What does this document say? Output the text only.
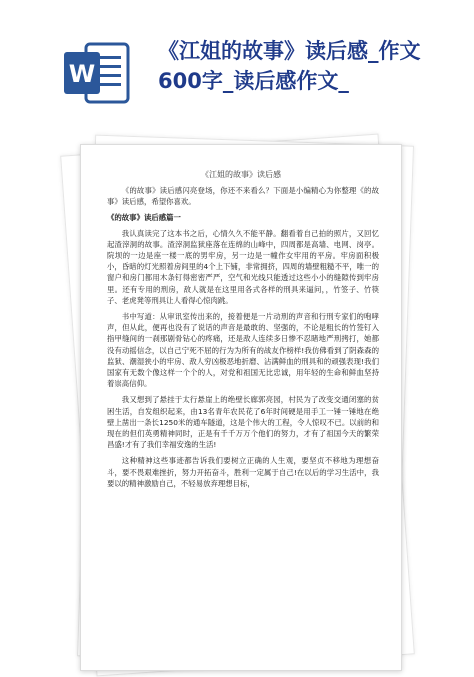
W
《江姐的故事》读后感_作文
600字_读后感作文_
《江姐的故事》读后感

《的故事》读后感闪亮登场，你还不来看么？下面是小编精心为你整理《的故事》读后感，希望你喜欢。

《的故事》读后感篇一

我认真读完了这本书之后，心情久久不能平静。翻看着自己拍的照片，又回忆起渣滓洞的故事。渣滓洞监狱座落在连绵的山峰中，四周都是高墙、电网、岗亭。院坝的一边是座一楼一底的男牢房，另一边是一幢作女牢用的平房。牢房面积极小，昏暗的灯光照着房间里的4个上下铺，非常拥挤，四周的墙壁粗糙不平，唯一的窗户和房门都用木条钉得密密严严，空气和光线只能透过这些小小的缝隙传到牢房里。还有专用的刑房，敌人就是在这里用各式各样的刑具来逼问，，竹签子、竹筷子、老虎凳等刑具让人看得心惊肉跳。

书中写道：从审讯室传出来的，接着便是一片动刑的声音和行刑专家们的咆哮声，但从此，便再也没有了说话的声音是最敢的、坚强的，不论是粗长的竹签钉入指甲缝间的一刹那剧骨钻心的疼痛，还是敌人连续多日惨不忍睹地严刑拷打，她都没有动摇信念，以自己宁死不屈的行为为所有的战友作榜样!我仿佛看到了阴森森的监狱、潮湿狭小的牢房、敌人穷凶极恶地折磨、沾满鲜血的刑具和的顽强表现!我们国家有无数个像这样一个个的人，对党和祖国无比忠诚，用年轻的生命和鲜血坚持着崇高信仰。

我又想到了悬挂于太行悬崖上的绝壁长廊郭亮园，村民为了改变交通闭塞的贫困生活，自发组织起来，由13名青年农民花了6年时间硬是用手工一锤一锤地在绝壁上凿出一条长1250米的通车隧道，这是个伟大的工程，令人惊叹不已。以前的和现在的但们英勇精神同时，正是有千千万万个他们的努力，才有了祖国今天的繁荣昌盛!才有了我们幸福安逸的生活!

这种精神这些事迹都告诉我们要树立正确的人生观，要坚贞不移地为理想奋斗，要不畏艰难挫折，努力开拓奋斗，胜利一定属于自己!在以后的学习生活中，我要以的精神激励自己，不轻易放弃理想目标，
